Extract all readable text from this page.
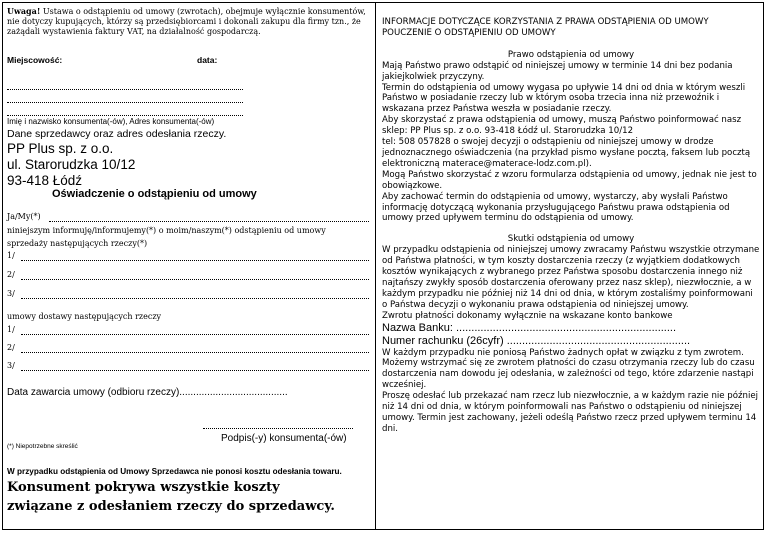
Uwaga! Ustawa o odstąpieniu od umowy (zwrotach), obejmuje wyłącznie konsumentów, nie dotyczy kupujących, którzy są przedsiębiorcami i dokonali zakupu dla firmy tzn., że zażądali wystawienia faktury VAT, na działalność gospodarczą.

Miejscowość:	data:
Imię i nazwisko konsumenta(-ów), Adres konsumenta(-ów)
Dane sprzedawcy oraz adres odesłania rzeczy.
PP Plus sp. z o.o.
ul. Starorudzka 10/12
93-418 Łódź
Oświadczenie o odstąpieniu od umowy
Ja/My(*)
niniejszym informuję/informujemy(*) o moim/naszym(*) odstąpieniu od umowy
sprzedaży następujących rzeczy(*)
1/
2/
3/
umowy dostawy następujących rzeczy
1/
2/
3/
Data zawarcia umowy (odbioru rzeczy).......................................
Podpis(-y) konsumenta(-ów)
(*) Niepotrzebne skreślić
W przypadku odstąpienia od Umowy Sprzedawca nie ponosi kosztu odesłania towaru.
Konsument pokrywa wszystkie koszty związane z odesłaniem rzeczy do sprzedawcy.
INFORMACJE DOTYCZĄCE KORZYSTANIA Z PRAWA ODSTĄPIENIA OD UMOWY
POUCZENIE O ODSTĄPIENIU OD UMOWY
Prawo odstąpienia od umowy
Mają Państwo prawo odstąpić od niniejszej umowy w terminie 14 dni bez podania jakiejkolwiek przyczyny.
Termin do odstąpienia od umowy wygasa po upływie 14 dni od dnia w którym weszli Państwo w posiadanie rzeczy lub w którym osoba trzecia inna niż przewoźnik i wskazana przez Państwa weszła w posiadanie rzeczy.
Aby skorzystać z prawa odstąpienia od umowy, muszą Państwo poinformować nasz sklep: PP Plus sp. z o.o. 93-418 Łódź ul. Starorudzka 10/12
tel: 508 057828 o swojej decyzji o odstąpieniu od niniejszej umowy w drodze jednoznacznego oświadczenia (na przykład pismo wysłane pocztą, faksem lub pocztą elektroniczną materace@materace-lodz.com.pl).
Mogą Państwo skorzystać z wzoru formularza odstąpienia od umowy, jednak nie jest to obowiązkowe.
Aby zachować termin do odstąpienia od umowy, wystarczy, aby wysłali Państwo informację dotyczącą wykonania przysługującego Państwu prawa odstąpienia od umowy przed upływem terminu do odstąpienia od umowy.
Skutki odstąpienia od umowy
W przypadku odstąpienia od niniejszej umowy zwracamy Państwu wszystkie otrzymane od Państwa płatności, w tym koszty dostarczenia rzeczy (z wyjątkiem dodatkowych kosztów wynikających z wybranego przez Państwa sposobu dostarczenia innego niż najtańszy zwykły sposób dostarczenia oferowany przez nasz sklep), niezwłocznie, a w każdym przypadku nie później niż 14 dni od dnia, w którym zostaliśmy poinformowani o Państwa decyzji o wykonaniu prawa odstąpienia od niniejszej umowy.
Zwrotu płatności dokonamy wyłącznie na wskazane konto bankowe
Nazwa Banku: ........................................................................
Numer rachunku (26cyfr) ............................................................
W każdym przypadku nie poniosą Państwo żadnych opłat w związku z tym zwrotem.
Możemy wstrzymać się ze zwrotem płatności do czasu otrzymania rzeczy lub do czasu dostarczenia nam dowodu jej odesłania, w zależności od tego, które zdarzenie nastąpi wcześniej.
Proszę odesłać lub przekazać nam rzecz lub niezwłocznie, a w każdym razie nie później niż 14 dni od dnia, w którym poinformowali nas Państwo o odstąpieniu od niniejszej umowy. Termin jest zachowany, jeżeli odeślą Państwo rzecz przed upływem terminu 14 dni.
